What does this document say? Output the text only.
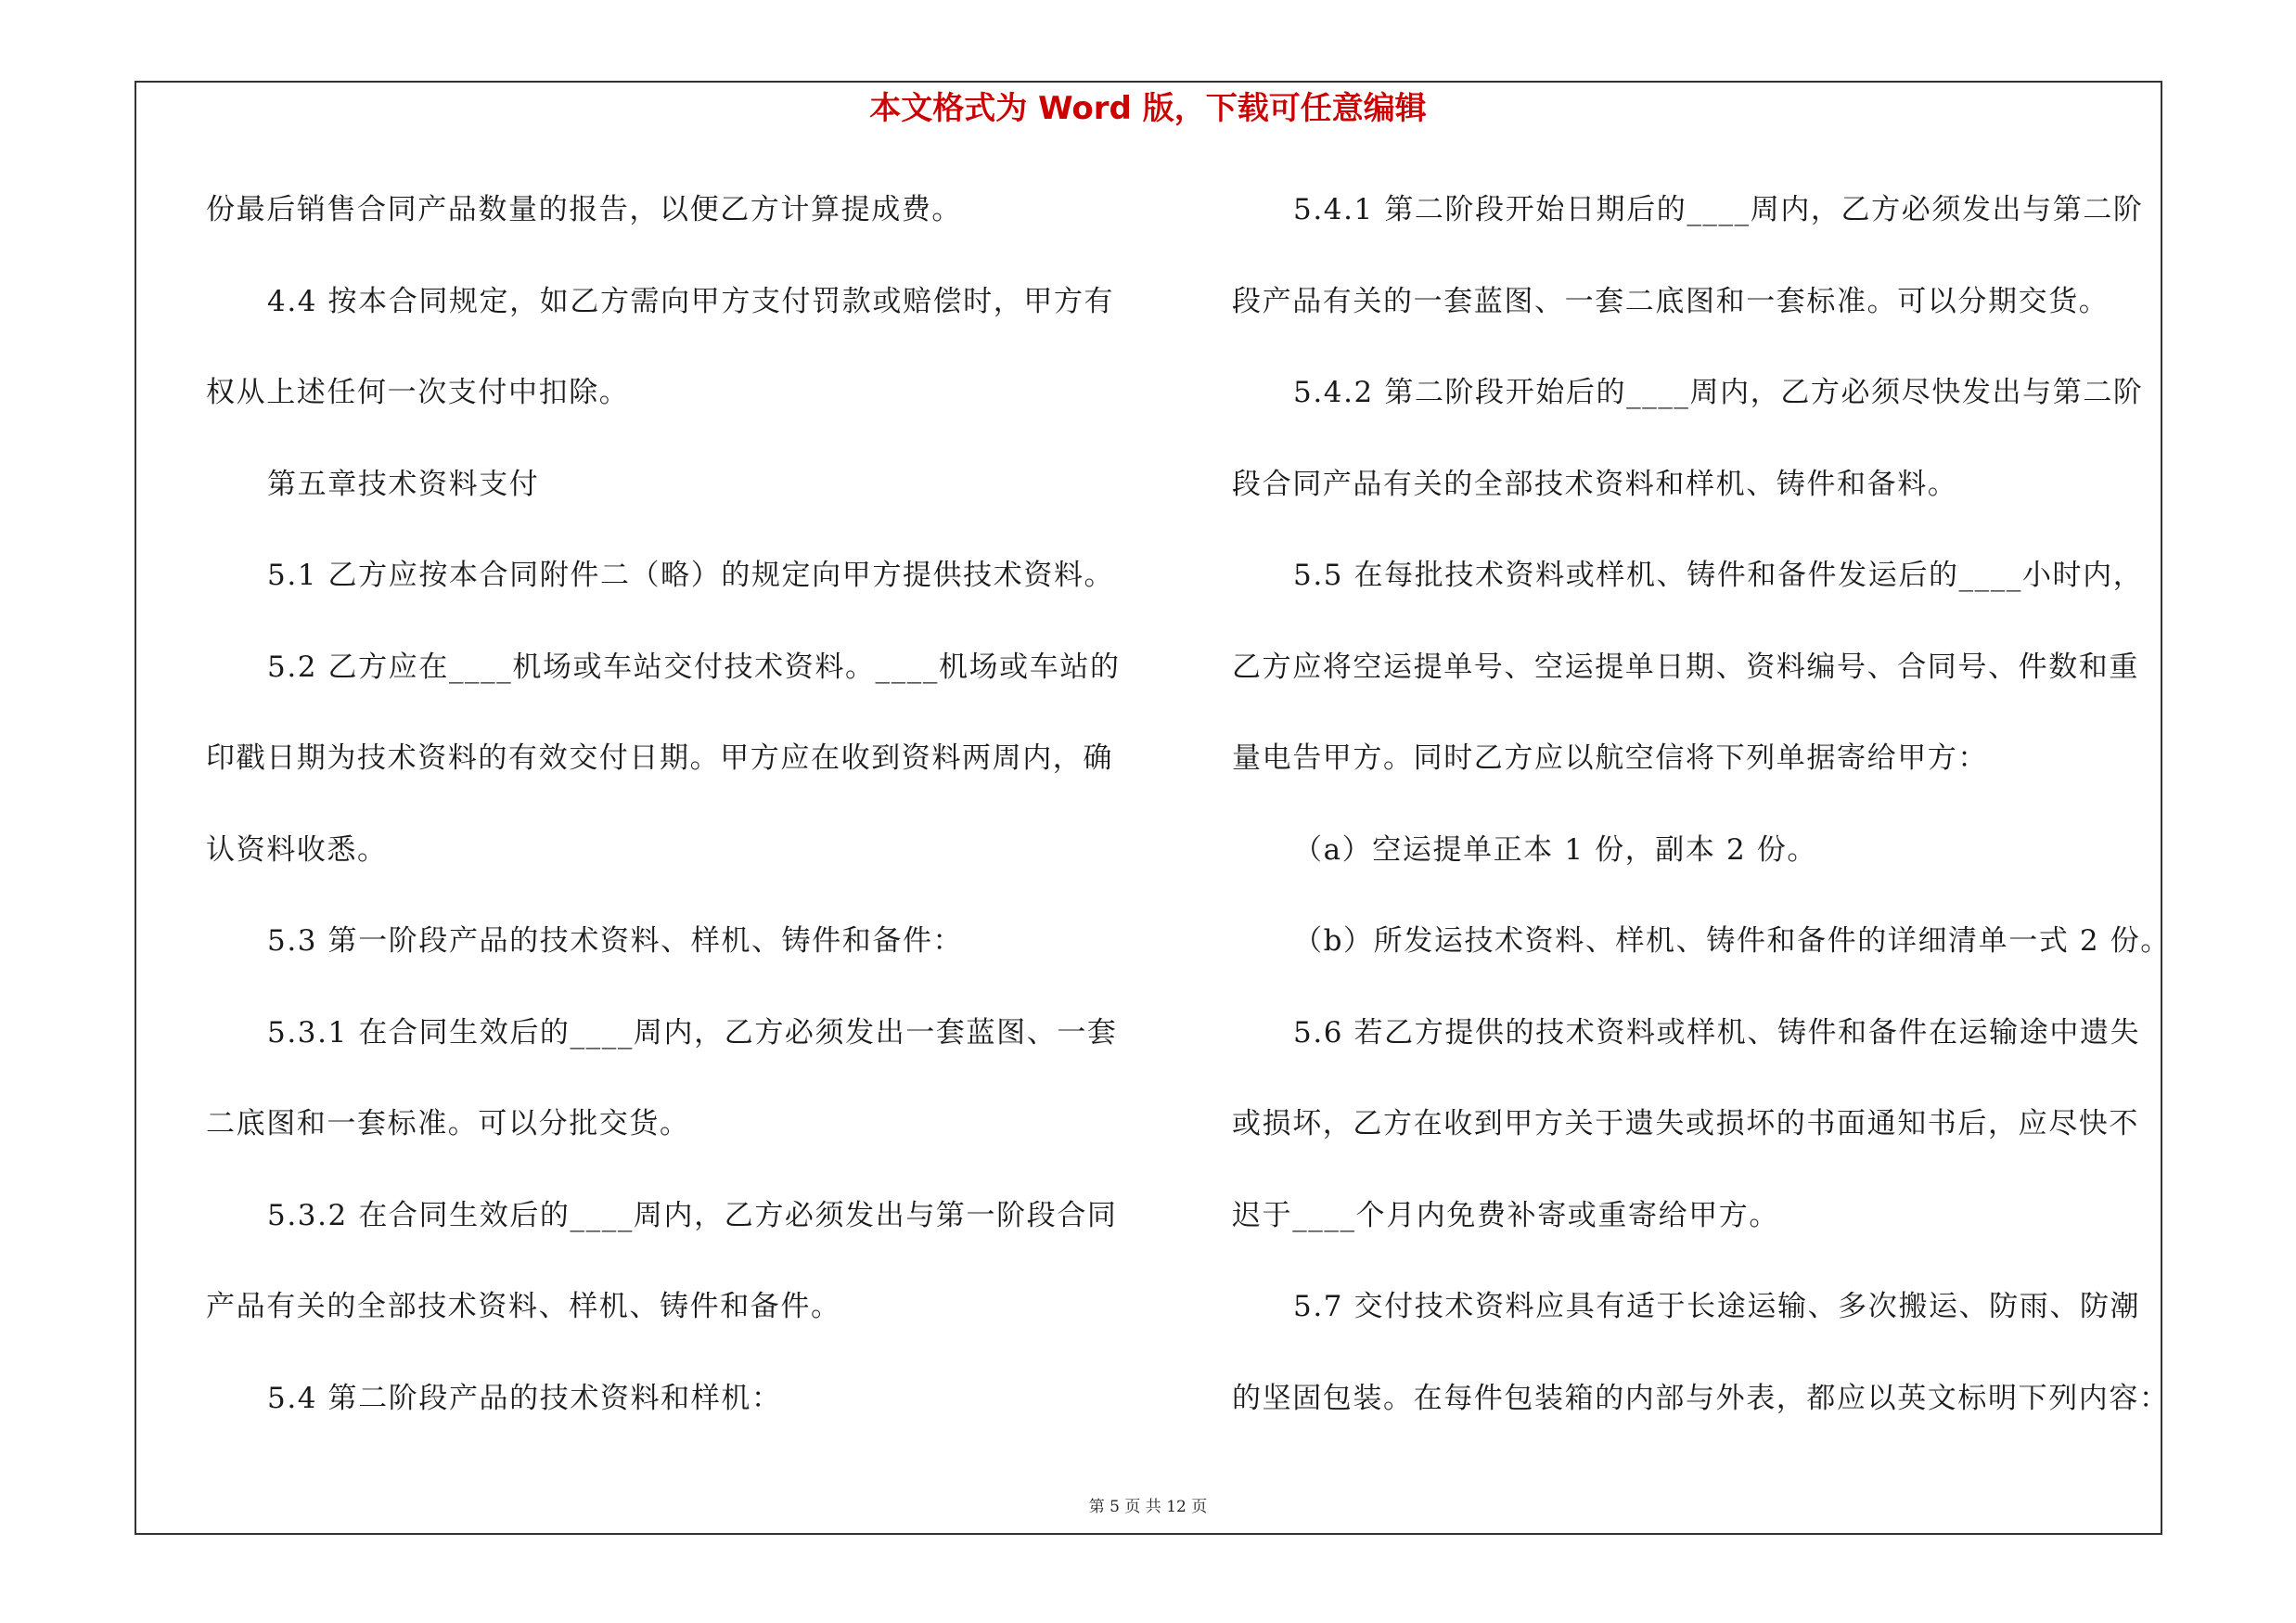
本文格式为 Word 版，下载可任意编辑
份最后销售合同产品数量的报告，以便乙方计算提成费。
4.4 按本合同规定，如乙方需向甲方支付罚款或赔偿时，甲方有
权从上述任何一次支付中扣除。
第五章技术资料支付
5.1 乙方应按本合同附件二（略）的规定向甲方提供技术资料。
5.2 乙方应在____机场或车站交付技术资料。____机场或车站的
印戳日期为技术资料的有效交付日期。甲方应在收到资料两周内，确
认资料收悉。
5.3 第一阶段产品的技术资料、样机、铸件和备件：
5.3.1 在合同生效后的____周内，乙方必须发出一套蓝图、一套
二底图和一套标准。可以分批交货。
5.3.2 在合同生效后的____周内，乙方必须发出与第一阶段合同
产品有关的全部技术资料、样机、铸件和备件。
5.4 第二阶段产品的技术资料和样机：
5.4.1 第二阶段开始日期后的____周内，乙方必须发出与第二阶
段产品有关的一套蓝图、一套二底图和一套标准。可以分期交货。
5.4.2 第二阶段开始后的____周内，乙方必须尽快发出与第二阶
段合同产品有关的全部技术资料和样机、铸件和备料。
5.5 在每批技术资料或样机、铸件和备件发运后的____小时内，
乙方应将空运提单号、空运提单日期、资料编号、合同号、件数和重
量电告甲方。同时乙方应以航空信将下列单据寄给甲方：
（a）空运提单正本 1 份，副本 2 份。
（b）所发运技术资料、样机、铸件和备件的详细清单一式 2 份。
5.6 若乙方提供的技术资料或样机、铸件和备件在运输途中遗失
或损坏，乙方在收到甲方关于遗失或损坏的书面通知书后，应尽快不
迟于____个月内免费补寄或重寄给甲方。
5.7 交付技术资料应具有适于长途运输、多次搬运、防雨、防潮
的坚固包装。在每件包装箱的内部与外表，都应以英文标明下列内容：
第 5 页 共 12 页
